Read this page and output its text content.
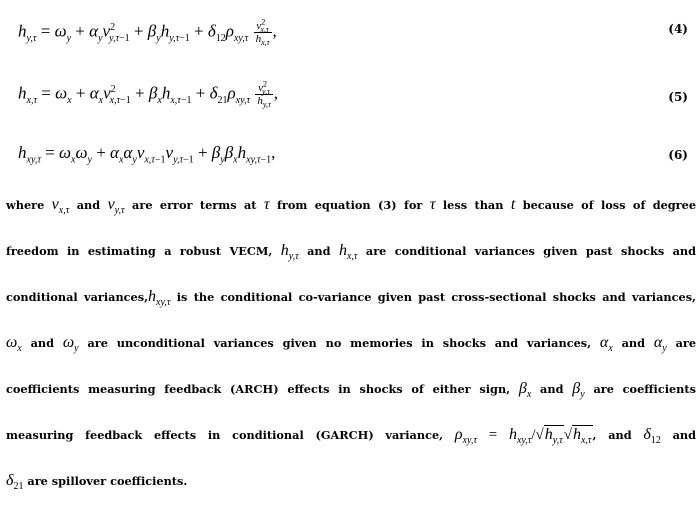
$h_{y,\tau} = \omega_y + \alpha_yv^2_{y,\tau-1} + \beta_yh_{y,\tau-1} + \delta_{12}\rho_{xy,\tau} \frac{v^2_{x,\tau}}{h_{x,\tau}}$ ,	(4)
$h_{x,\tau} = \omega_x + \alpha_xv^2_{x,\tau-1} + \beta_xh_{x,\tau-1} + \delta_{21}\rho_{xy,\tau} \frac{v^2_{y,\tau}}{h_{y,\tau}}$ ,	(5)
$h_{xy,\tau} = \omega_x\omega_y + \alpha_x\alpha_yv_{x,\tau-1}v_{y,\tau-1} + \beta_y\beta_xh_{xy,\tau-1}$,	(6)
where $v_{x,\tau}$ and $v_{y,\tau}$ are error terms at τ from equation (3) for τ less than t because of loss of degree
freedom in estimating a robust VECM, $h_{y,\tau}$ and $h_{x,\tau}$ are conditional variances given past shocks and
conditional $variances,h_{xy,\tau}$ is the conditional co-variance given past cross-sectional shocks and variances,
$\omega_x$ and $\omega_y$ are unconditional variances given no memories in shocks and variances, $\alpha_x$ and $\alpha_y$ are
coefficients measuring feedback (ARCH) effects in shocks of either sign, $\beta_x$ and $\beta_y$ are coefficients
measuring feedback effects in conditional (GARCH) variance, $\rho_{xy,\tau} = h_{xy,\tau}/√h_{y,\tau}√h_{x,\tau}$, and $\delta_{12}$ and
$\delta_{21}$ are spillover coefficients.
